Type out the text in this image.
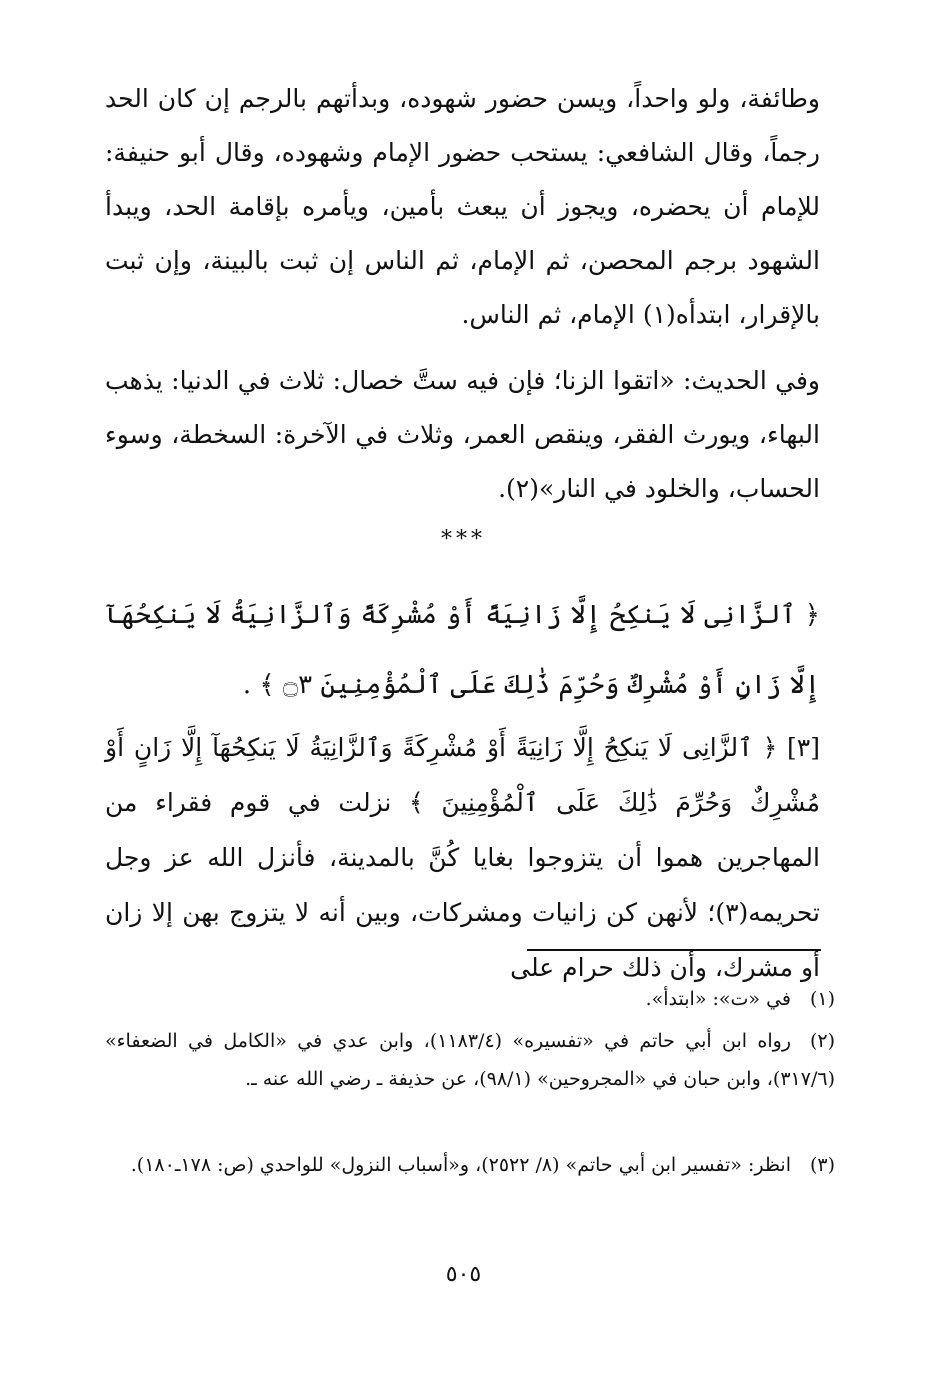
وطائفة، ولو واحداً، ويسن حضور شهوده، وبدأتهم بالرجم إن كان الحد رجماً، وقال الشافعي: يستحب حضور الإمام وشهوده، وقال أبو حنيفة: للإمام أن يحضره، ويجوز أن يبعث بأمين، ويأمره بإقامة الحد، ويبدأ الشهود برجم المحصن، ثم الإمام، ثم الناس إن ثبت بالبينة، وإن ثبت بالإقرار، ابتدأه(١) الإمام، ثم الناس.
وفي الحديث: «اتقوا الزنا؛ فإن فيه ستَّ خصال: ثلاث في الدنيا: يذهب البهاء، ويورث الفقر، وينقص العمر، وثلاث في الآخرة: السخطة، وسوء الحساب، والخلود في النار»(٢).
***
﴿ ٱلزَّانِى لَا يَنكِحُ إِلَّا زَانِيَةً أَوْ مُشْرِكَةً وَٱلزَّانِيَةُ لَا يَنكِحُهَآ إِلَّا زَانٍ أَوْ مُشْرِكٌ وَحُرِّمَ ذَٰلِكَ عَلَى ٱلْمُؤْمِنِينَ ۝٣ ﴾ .
[٣] ﴿ ٱلزَّانِى لَا يَنكِحُ إِلَّا زَانِيَةً أَوْ مُشْرِكَةً وَٱلزَّانِيَةُ لَا يَنكِحُهَآ إِلَّا زَانٍ أَوْ مُشْرِكٌ وَحُرِّمَ ذَٰلِكَ عَلَى ٱلْمُؤْمِنِينَ ﴾ نزلت في قوم فقراء من المهاجرين هموا أن يتزوجوا بغايا كُنَّ بالمدينة، فأنزل الله عز وجل تحريمه(٣)؛ لأنهن كن زانيات ومشركات، وبين أنه لا يتزوج بهن إلا زان أو مشرك، وأن ذلك حرام على
(١)في «ت»: «ابتدأ».
(٢)رواه ابن أبي حاتم في «تفسيره» (١١٨٣/٤)، وابن عدي في «الكامل في الضعفاء» (٣١٧/٦)، وابن حبان في «المجروحين» (٩٨/١)، عن حذيفة ـ رضي الله عنه ـ.
(٣)انظر: «تفسير ابن أبي حاتم» (٨/ ٢٥٢٢)، و«أسباب النزول» للواحدي (ص: ١٧٨ـ١٨٠).
٥٠٥
